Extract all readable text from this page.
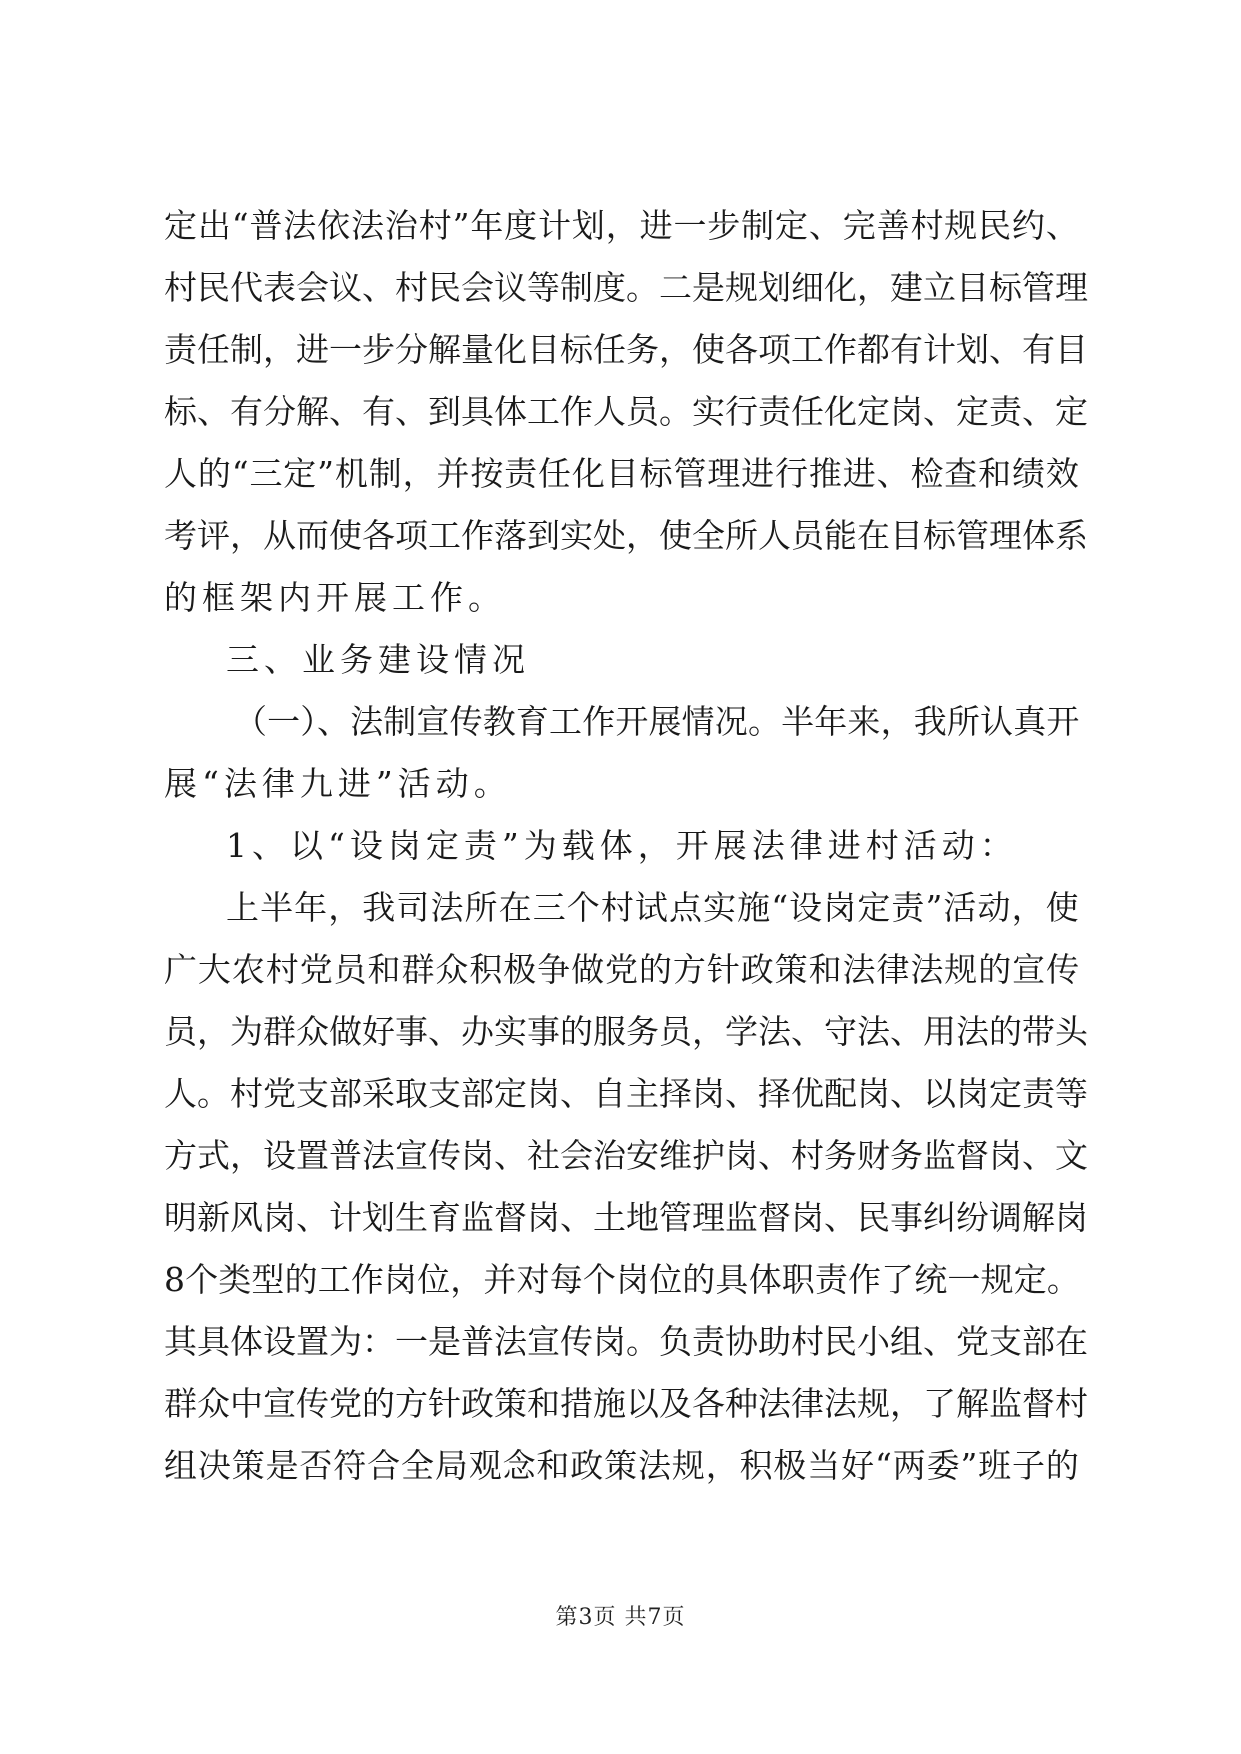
定出“普法依法治村”年度计划，进一步制定、完善村规民约、
村民代表会议、村民会议等制度。二是规划细化，建立目标管理
责任制，进一步分解量化目标任务，使各项工作都有计划、有目
标、有分解、有、到具体工作人员。实行责任化定岗、定责、定
人的“三定”机制，并按责任化目标管理进行推进、检查和绩效
考评，从而使各项工作落到实处，使全所人员能在目标管理体系
的框架内开展工作。
三、业务建设情况
（一）、法制宣传教育工作开展情况。半年来，我所认真开
展“法律九进”活动。
1、以“设岗定责”为载体，开展法律进村活动：
上半年，我司法所在三个村试点实施“设岗定责”活动，使
广大农村党员和群众积极争做党的方针政策和法律法规的宣传
员，为群众做好事、办实事的服务员，学法、守法、用法的带头
人。村党支部采取支部定岗、自主择岗、择优配岗、以岗定责等
方式，设置普法宣传岗、社会治安维护岗、村务财务监督岗、文
明新风岗、计划生育监督岗、土地管理监督岗、民事纠纷调解岗
8个类型的工作岗位，并对每个岗位的具体职责作了统一规定。
其具体设置为：一是普法宣传岗。负责协助村民小组、党支部在
群众中宣传党的方针政策和措施以及各种法律法规，了解监督村
组决策是否符合全局观念和政策法规，积极当好“两委”班子的
第3页 共7页
